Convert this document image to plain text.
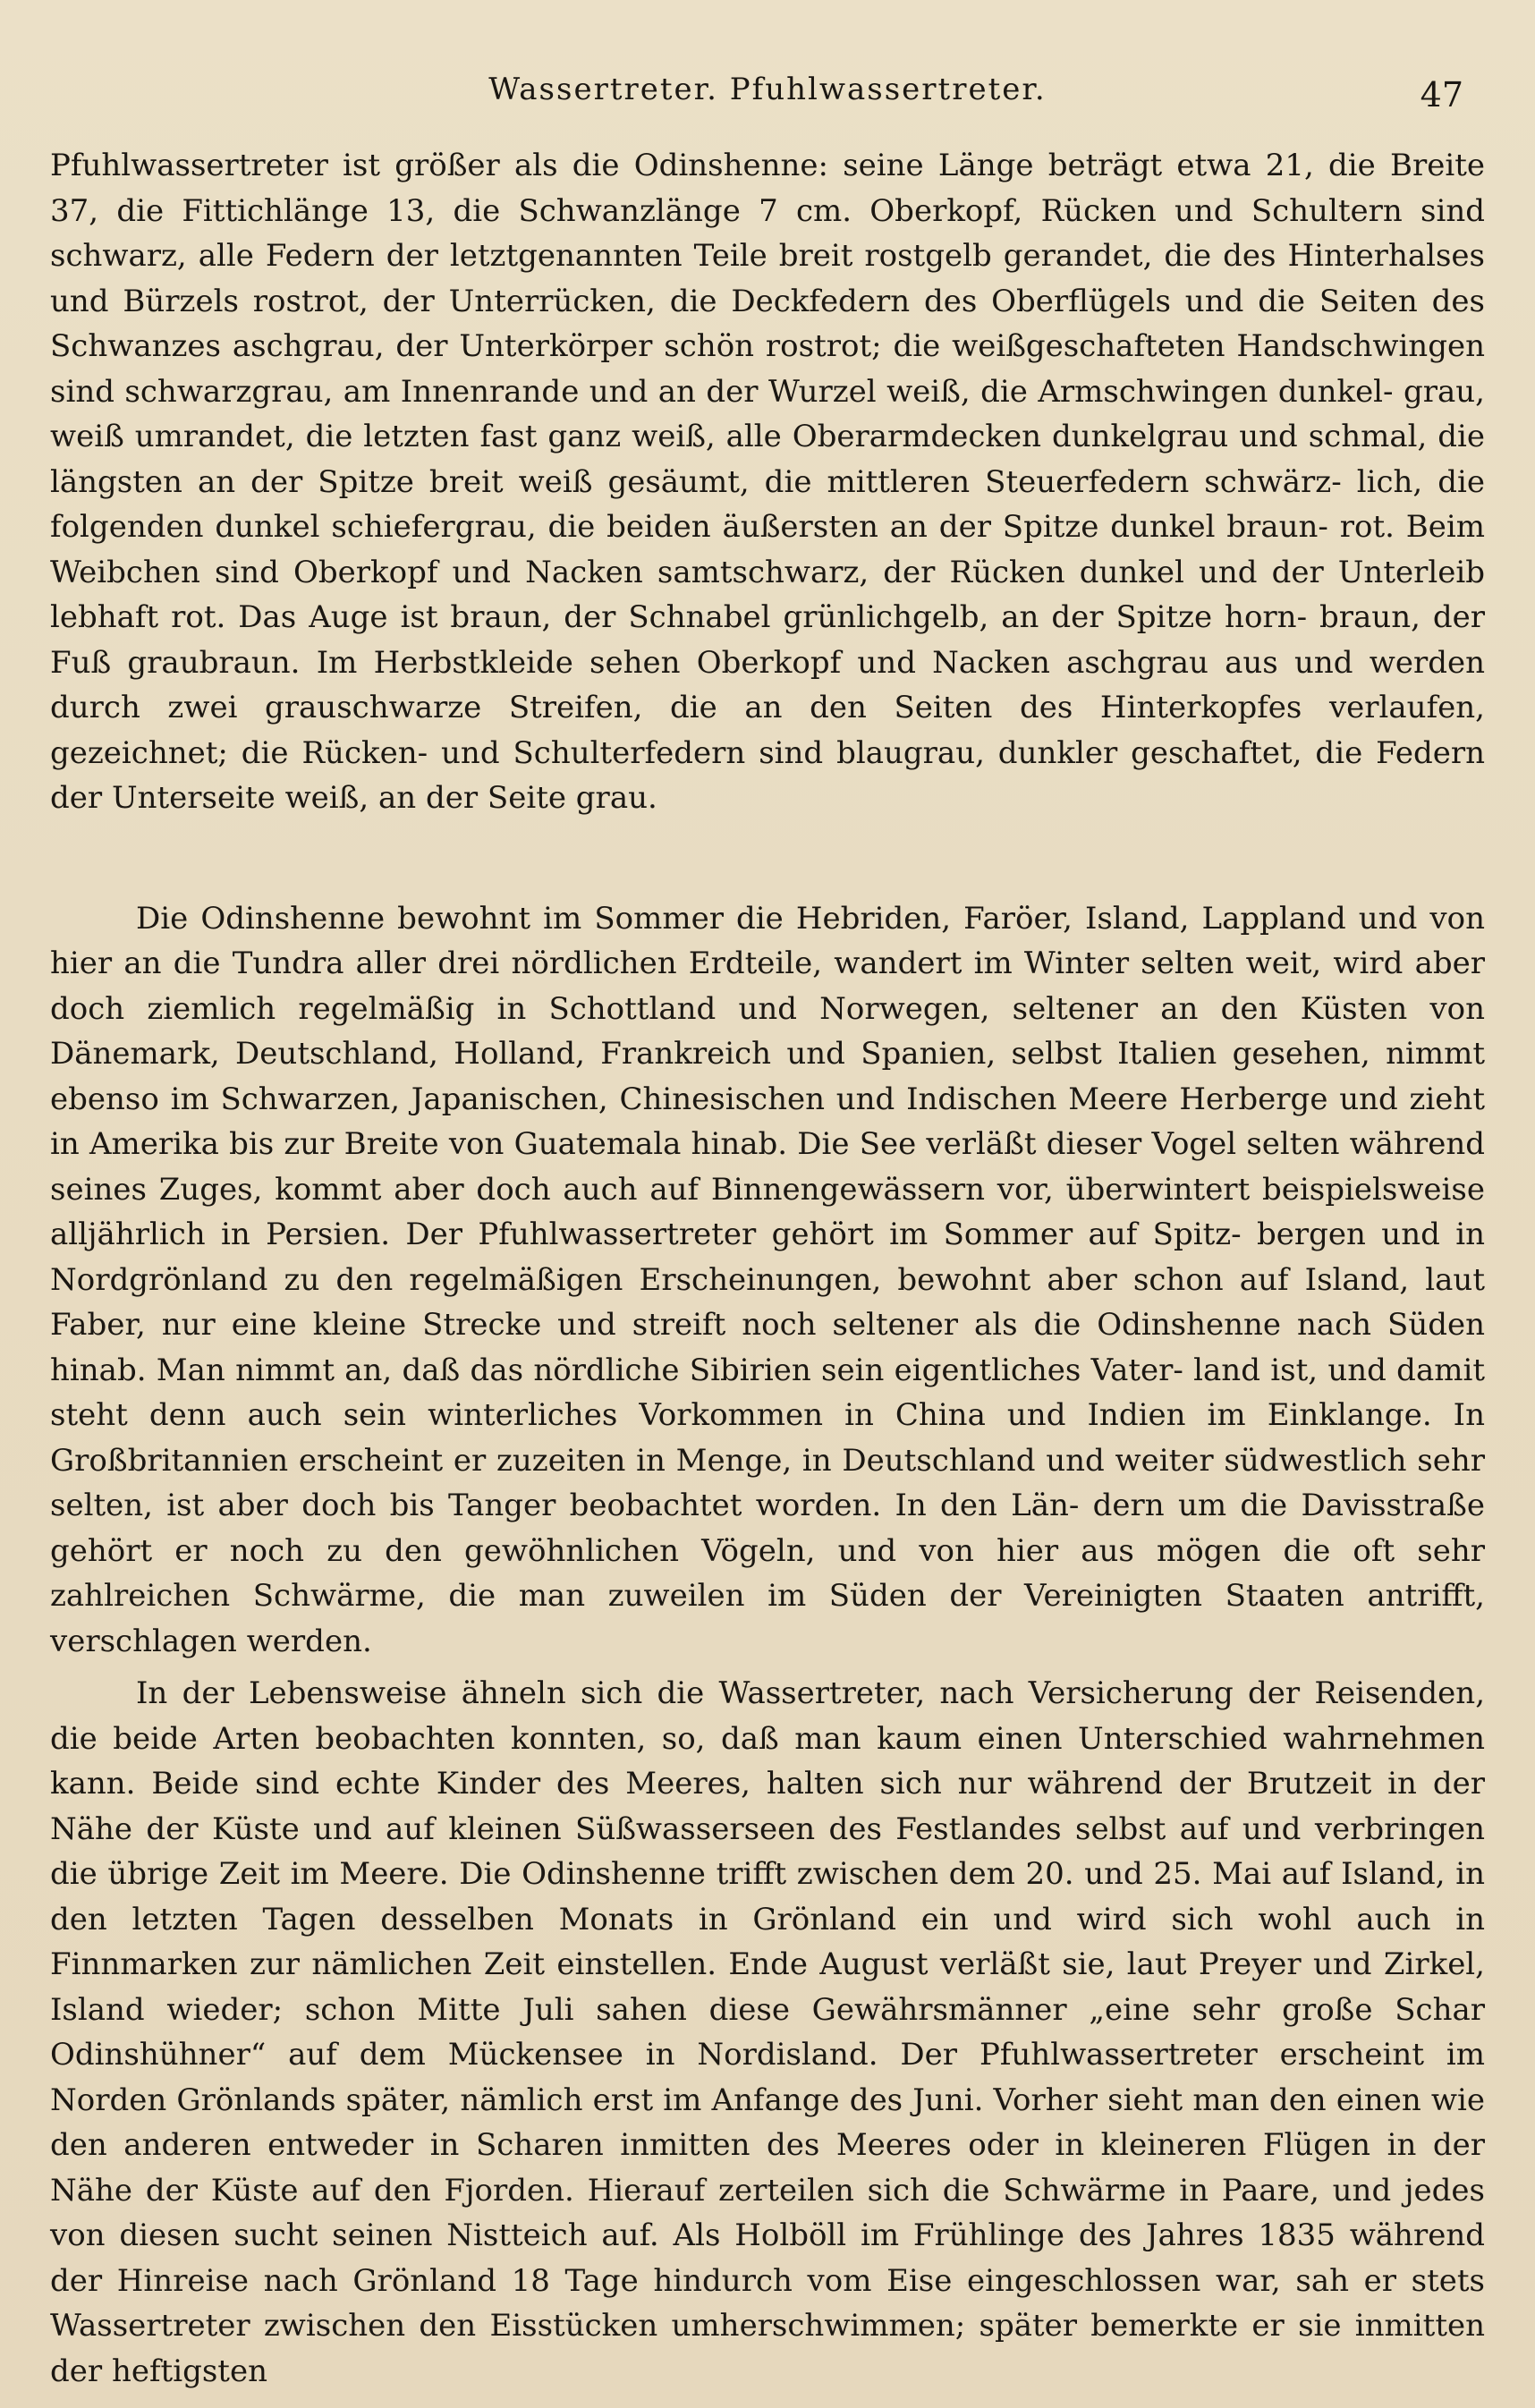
Wassertreter. Pfuhlwassertreter.	47

Pfuhlwassertreter ist größer als die Odinshenne: seine Länge beträgt etwa 21, die Breite 37, die Fittichlänge 13, die Schwanzlänge 7 cm. Oberkopf, Rücken und Schultern sind schwarz, alle Federn der letztgenannten Teile breit rostgelb gerandet, die des Hinterhalses und Bürzels rostrot, der Unterrücken, die Deckfedern des Oberflügels und die Seiten des Schwanzes aschgrau, der Unterkörper schön rostrot; die weißgeschafteten Handschwingen sind schwarzgrau, am Innenrande und an der Wurzel weiß, die Armschwingen dunkel- grau, weiß umrandet, die letzten fast ganz weiß, alle Oberarmdecken dunkelgrau und schmal, die längsten an der Spitze breit weiß gesäumt, die mittleren Steuerfedern schwärz- lich, die folgenden dunkel schiefergrau, die beiden äußersten an der Spitze dunkel braun- rot. Beim Weibchen sind Oberkopf und Nacken samtschwarz, der Rücken dunkel und der Unterleib lebhaft rot. Das Auge ist braun, der Schnabel grünlichgelb, an der Spitze horn- braun, der Fuß graubraun. Im Herbstkleide sehen Oberkopf und Nacken aschgrau aus und werden durch zwei grauschwarze Streifen, die an den Seiten des Hinterkopfes verlaufen, gezeichnet; die Rücken- und Schulterfedern sind blaugrau, dunkler geschaftet, die Federn der Unterseite weiß, an der Seite grau.

Die Odinshenne bewohnt im Sommer die Hebriden, Faröer, Island, Lappland und von hier an die Tundra aller drei nördlichen Erdteile, wandert im Winter selten weit, wird aber doch ziemlich regelmäßig in Schottland und Norwegen, seltener an den Küsten von Dänemark, Deutschland, Holland, Frankreich und Spanien, selbst Italien gesehen, nimmt ebenso im Schwarzen, Japanischen, Chinesischen und Indischen Meere Herberge und zieht in Amerika bis zur Breite von Guatemala hinab. Die See verläßt dieser Vogel selten während seines Zuges, kommt aber doch auch auf Binnengewässern vor, überwintert beispielsweise alljährlich in Persien. Der Pfuhlwassertreter gehört im Sommer auf Spitz- bergen und in Nordgrönland zu den regelmäßigen Erscheinungen, bewohnt aber schon auf Island, laut Faber, nur eine kleine Strecke und streift noch seltener als die Odinshenne nach Süden hinab. Man nimmt an, daß das nördliche Sibirien sein eigentliches Vater- land ist, und damit steht denn auch sein winterliches Vorkommen in China und Indien im Einklange. In Großbritannien erscheint er zuzeiten in Menge, in Deutschland und weiter südwestlich sehr selten, ist aber doch bis Tanger beobachtet worden. In den Län- dern um die Davisstraße gehört er noch zu den gewöhnlichen Vögeln, und von hier aus mögen die oft sehr zahlreichen Schwärme, die man zuweilen im Süden der Vereinigten Staaten antrifft, verschlagen werden.

In der Lebensweise ähneln sich die Wassertreter, nach Versicherung der Reisenden, die beide Arten beobachten konnten, so, daß man kaum einen Unterschied wahrnehmen kann. Beide sind echte Kinder des Meeres, halten sich nur während der Brutzeit in der Nähe der Küste und auf kleinen Süßwasserseen des Festlandes selbst auf und verbringen die übrige Zeit im Meere. Die Odinshenne trifft zwischen dem 20. und 25. Mai auf Island, in den letzten Tagen desselben Monats in Grönland ein und wird sich wohl auch in Finnmarken zur nämlichen Zeit einstellen. Ende August verläßt sie, laut Preyer und Zirkel, Island wieder; schon Mitte Juli sahen diese Gewährsmänner „eine sehr große Schar Odinshühner“ auf dem Mückensee in Nordisland. Der Pfuhlwassertreter erscheint im Norden Grönlands später, nämlich erst im Anfange des Juni. Vorher sieht man den einen wie den anderen entweder in Scharen inmitten des Meeres oder in kleineren Flügen in der Nähe der Küste auf den Fjorden. Hierauf zerteilen sich die Schwärme in Paare, und jedes von diesen sucht seinen Nistteich auf. Als Holböll im Frühlinge des Jahres 1835 während der Hinreise nach Grönland 18 Tage hindurch vom Eise eingeschlossen war, sah er stets Wassertreter zwischen den Eisstücken umherschwimmen; später bemerkte er sie inmitten der heftigsten
